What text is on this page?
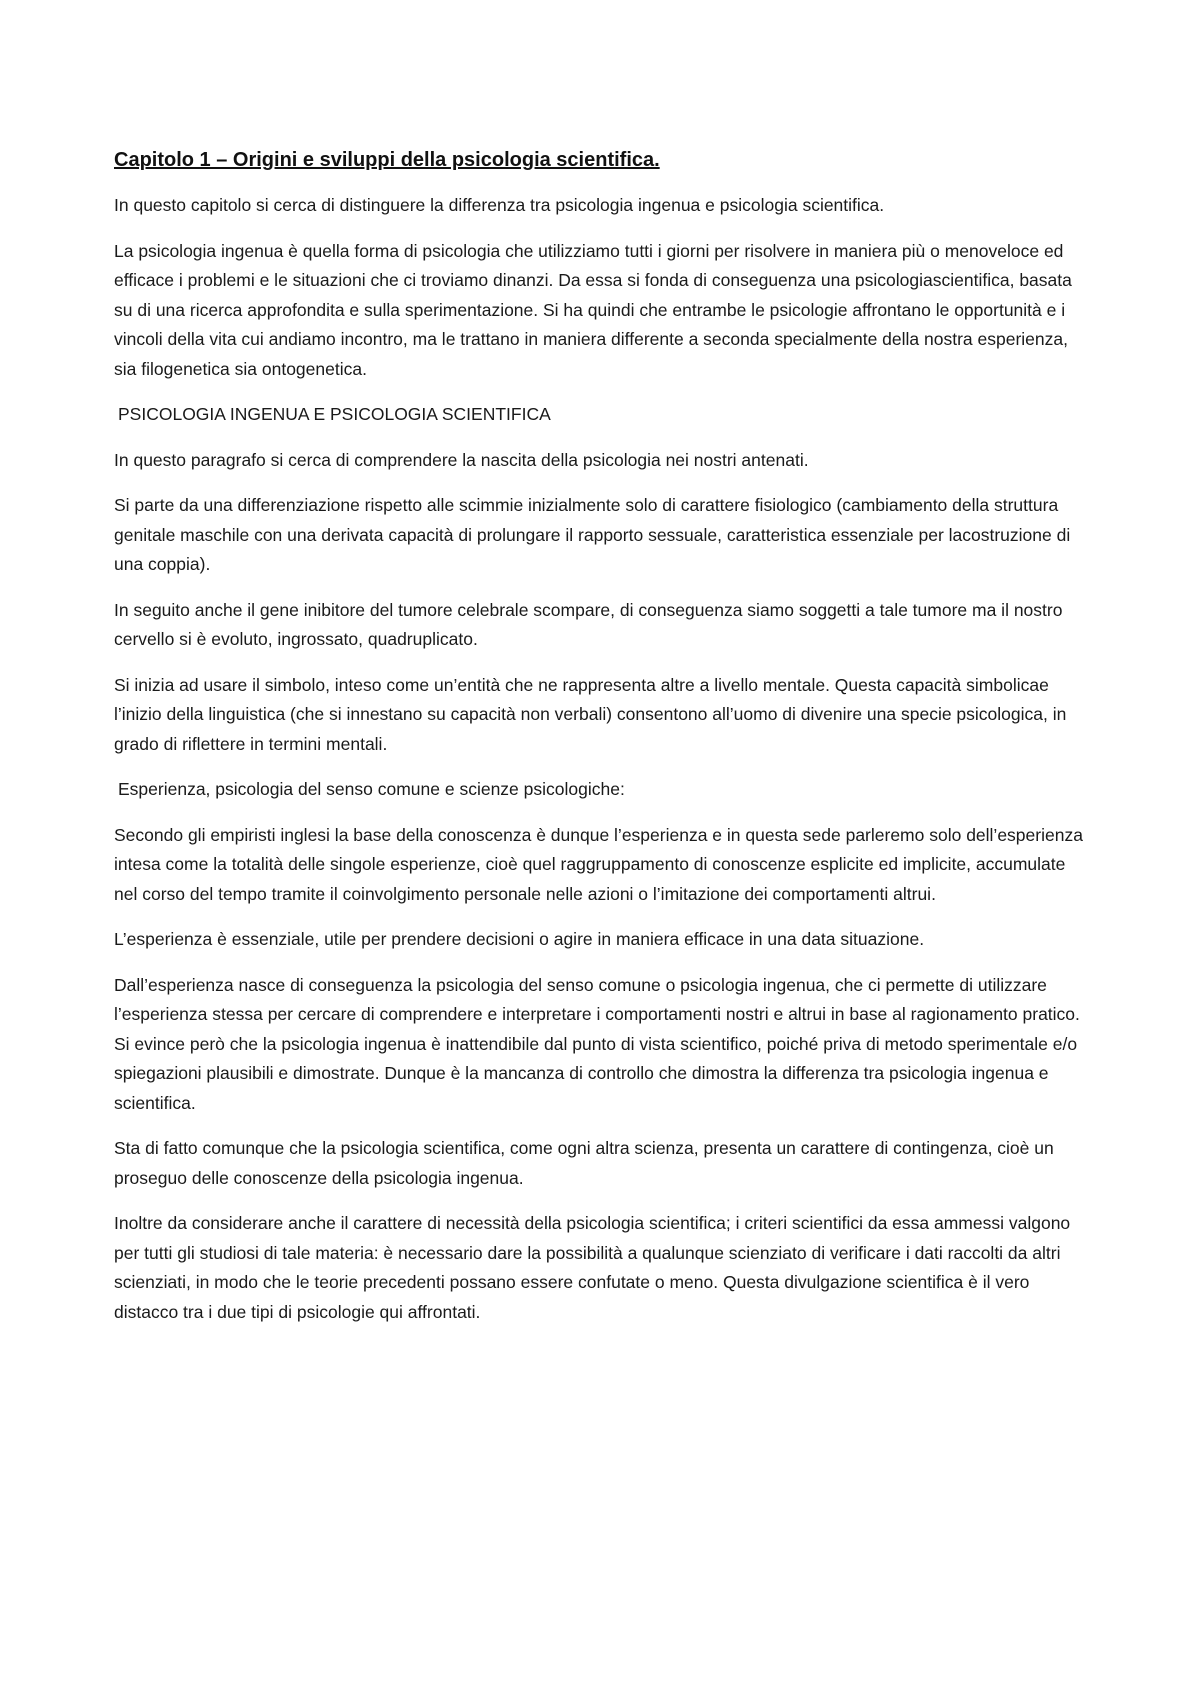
Capitolo 1 – Origini e sviluppi della psicologia scientifica.

In questo capitolo si cerca di distinguere la differenza tra psicologia ingenua e psicologia scientifica.

La psicologia ingenua è quella forma di psicologia che utilizziamo tutti i giorni per risolvere in maniera più o menoveloce ed efficace i problemi e le situazioni che ci troviamo dinanzi. Da essa si fonda di conseguenza una psicologiascientifica, basata su di una ricerca approfondita e sulla sperimentazione. Si ha quindi che entrambe le psicologie affrontano le opportunità e i vincoli della vita cui andiamo incontro, ma le trattano in maniera differente a seconda specialmente della nostra esperienza, sia filogenetica sia ontogenetica.

PSICOLOGIA INGENUA E PSICOLOGIA SCIENTIFICA

In questo paragrafo si cerca di comprendere la nascita della psicologia nei nostri antenati.

Si parte da una differenziazione rispetto alle scimmie inizialmente solo di carattere fisiologico (cambiamento della struttura genitale maschile con una derivata capacità di prolungare il rapporto sessuale, caratteristica essenziale per lacostruzione di una coppia).

In seguito anche il gene inibitore del tumore celebrale scompare, di conseguenza siamo soggetti a tale tumore ma il nostro cervello si è evoluto, ingrossato, quadruplicato.

Si inizia ad usare il simbolo, inteso come un’entità che ne rappresenta altre a livello mentale. Questa capacità simbolicae l’inizio della linguistica (che si innestano su capacità non verbali) consentono all’uomo di divenire una specie psicologica, in grado di riflettere in termini mentali.

Esperienza, psicologia del senso comune e scienze psicologiche:

Secondo gli empiristi inglesi la base della conoscenza è dunque l’esperienza e in questa sede parleremo solo dell’esperienza intesa come la totalità delle singole esperienze, cioè quel raggruppamento di conoscenze esplicite ed implicite, accumulate nel corso del tempo tramite il coinvolgimento personale nelle azioni o l’imitazione dei comportamenti altrui.

L’esperienza è essenziale, utile per prendere decisioni o agire in maniera efficace in una data situazione.

Dall’esperienza nasce di conseguenza la psicologia del senso comune o psicologia ingenua, che ci permette di utilizzare l’esperienza stessa per cercare di comprendere e interpretare i comportamenti nostri e altrui in base al ragionamento pratico. Si evince però che la psicologia ingenua è inattendibile dal punto di vista scientifico, poiché priva di metodo sperimentale e/o spiegazioni plausibili e dimostrate. Dunque è la mancanza di controllo che dimostra la differenza tra psicologia ingenua e scientifica.

Sta di fatto comunque che la psicologia scientifica, come ogni altra scienza, presenta un carattere di contingenza, cioè un proseguo delle conoscenze della psicologia ingenua.

Inoltre da considerare anche il carattere di necessità della psicologia scientifica; i criteri scientifici da essa ammessi valgono per tutti gli studiosi di tale materia: è necessario dare la possibilità a qualunque scienziato di verificare i dati raccolti da altri scienziati, in modo che le teorie precedenti possano essere confutate o meno. Questa divulgazione scientifica è il vero distacco tra i due tipi di psicologie qui affrontati.
